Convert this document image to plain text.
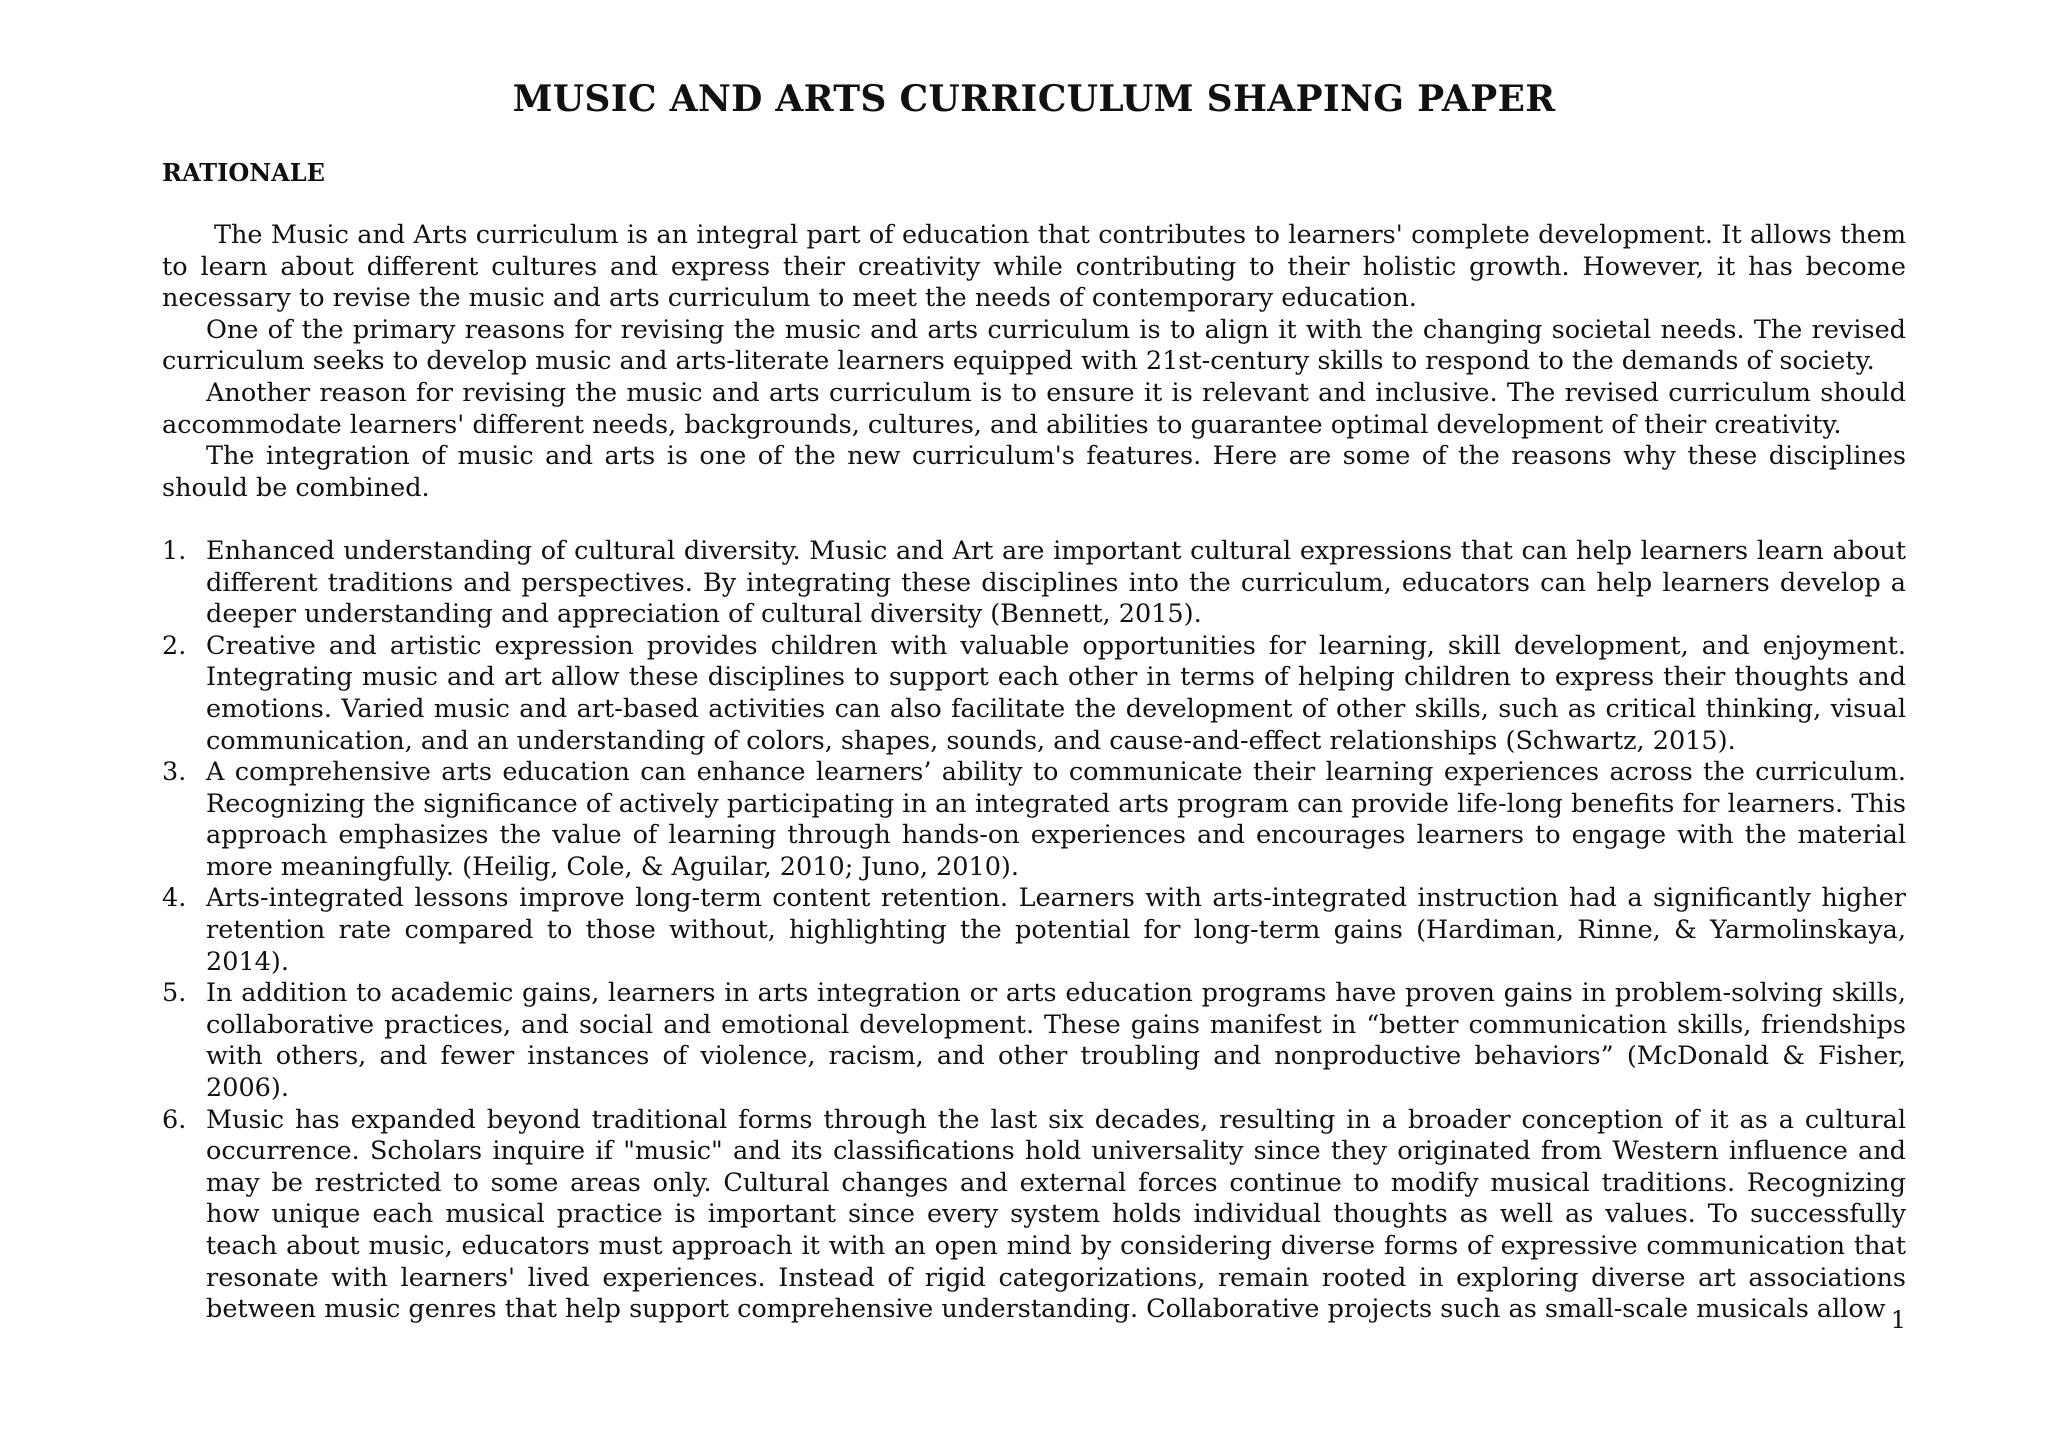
MUSIC AND ARTS CURRICULUM SHAPING PAPER
RATIONALE

The Music and Arts curriculum is an integral part of education that contributes to learners' complete development. It allows them to learn about different cultures and express their creativity while contributing to their holistic growth. However, it has become necessary to revise the music and arts curriculum to meet the needs of contemporary education.

One of the primary reasons for revising the music and arts curriculum is to align it with the changing societal needs. The revised curriculum seeks to develop music and arts-literate learners equipped with 21st-century skills to respond to the demands of society.

Another reason for revising the music and arts curriculum is to ensure it is relevant and inclusive. The revised curriculum should accommodate learners' different needs, backgrounds, cultures, and abilities to guarantee optimal development of their creativity.

The integration of music and arts is one of the new curriculum's features. Here are some of the reasons why these disciplines should be combined.

1. Enhanced understanding of cultural diversity. Music and Art are important cultural expressions that can help learners learn about different traditions and perspectives. By integrating these disciplines into the curriculum, educators can help learners develop a deeper understanding and appreciation of cultural diversity (Bennett, 2015).
2. Creative and artistic expression provides children with valuable opportunities for learning, skill development, and enjoyment. Integrating music and art allow these disciplines to support each other in terms of helping children to express their thoughts and emotions. Varied music and art-based activities can also facilitate the development of other skills, such as critical thinking, visual communication, and an understanding of colors, shapes, sounds, and cause-and-effect relationships (Schwartz, 2015).
3. A comprehensive arts education can enhance learners’ ability to communicate their learning experiences across the curriculum. Recognizing the significance of actively participating in an integrated arts program can provide life-long benefits for learners. This approach emphasizes the value of learning through hands-on experiences and encourages learners to engage with the material more meaningfully. (Heilig, Cole, & Aguilar, 2010; Juno, 2010).
4. Arts-integrated lessons improve long-term content retention. Learners with arts-integrated instruction had a significantly higher retention rate compared to those without, highlighting the potential for long-term gains (Hardiman, Rinne, & Yarmolinskaya, 2014).
5. In addition to academic gains, learners in arts integration or arts education programs have proven gains in problem-solving skills, collaborative practices, and social and emotional development. These gains manifest in “better communication skills, friendships with others, and fewer instances of violence, racism, and other troubling and nonproductive behaviors” (McDonald & Fisher, 2006).
6. Music has expanded beyond traditional forms through the last six decades, resulting in a broader conception of it as a cultural occurrence. Scholars inquire if "music" and its classifications hold universality since they originated from Western influence and may be restricted to some areas only. Cultural changes and external forces continue to modify musical traditions. Recognizing how unique each musical practice is important since every system holds individual thoughts as well as values. To successfully teach about music, educators must approach it with an open mind by considering diverse forms of expressive communication that resonate with learners' lived experiences. Instead of rigid categorizations, remain rooted in exploring diverse art associations between music genres that help support comprehensive understanding. Collaborative projects such as small-scale musicals allow 1
